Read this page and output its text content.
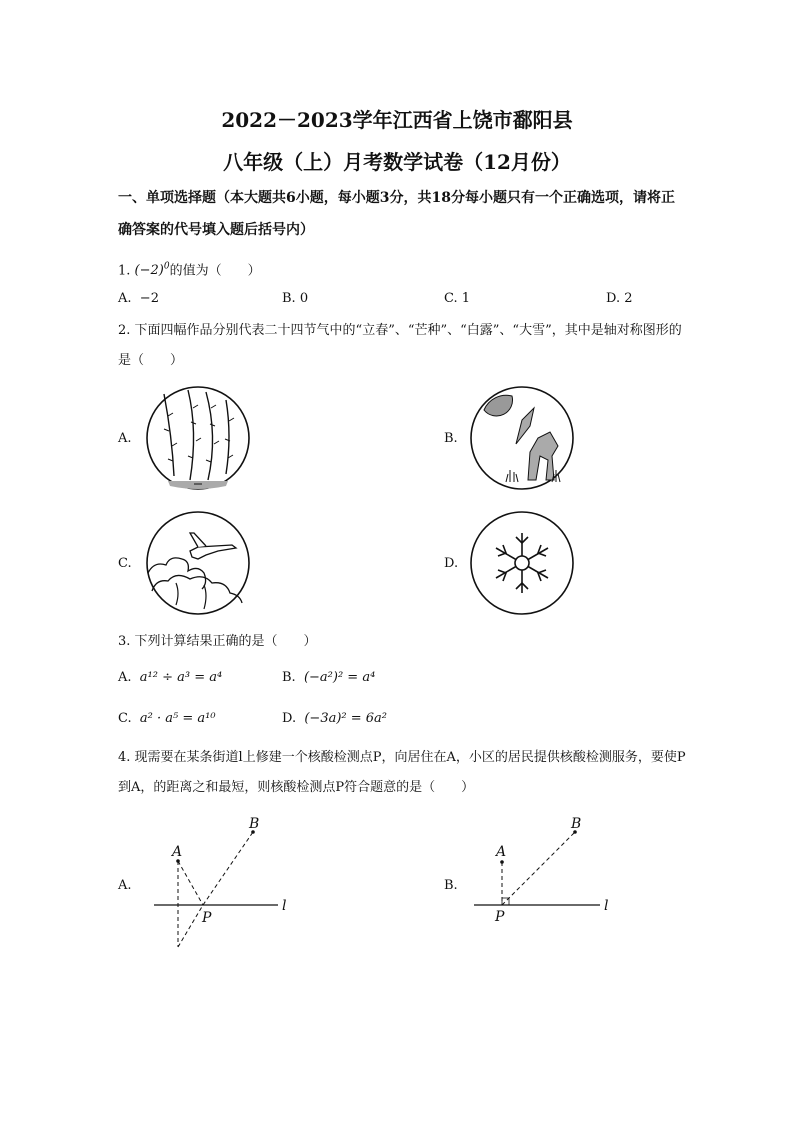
2022－2023学年江西省上饶市鄱阳县
八年级（上）月考数学试卷（12月份）
一、单项选择题（本大题共6小题，每小题3分，共18分每小题只有一个正确选项，请将正确答案的代号填入题后括号内）
1. $(-2)^0$的值为（　　）
A. −2	B. 0	C. 1	D. 2
2. 下面四幅作品分别代表二十四节气中的“立春”、“芒种”、“白露”、“大雪”，其中是轴对称图形的是（　　）
A.	B.
C.	D.
3. 下列计算结果正确的是（　　）
A. a¹² ÷ a³ = a⁴	B. (−a²)² = a⁴
C. a² · a⁵ = a¹⁰	D. (−3a)² = 6a²
4. 现需要在某条街道l上修建一个核酸检测点P，向居住在A，小区的居民提供核酸检测服务，要使P到A，的距离之和最短，则核酸检测点P符合题意的是（　　）
A.
A
B
P
l
B.
A
B
P
l
